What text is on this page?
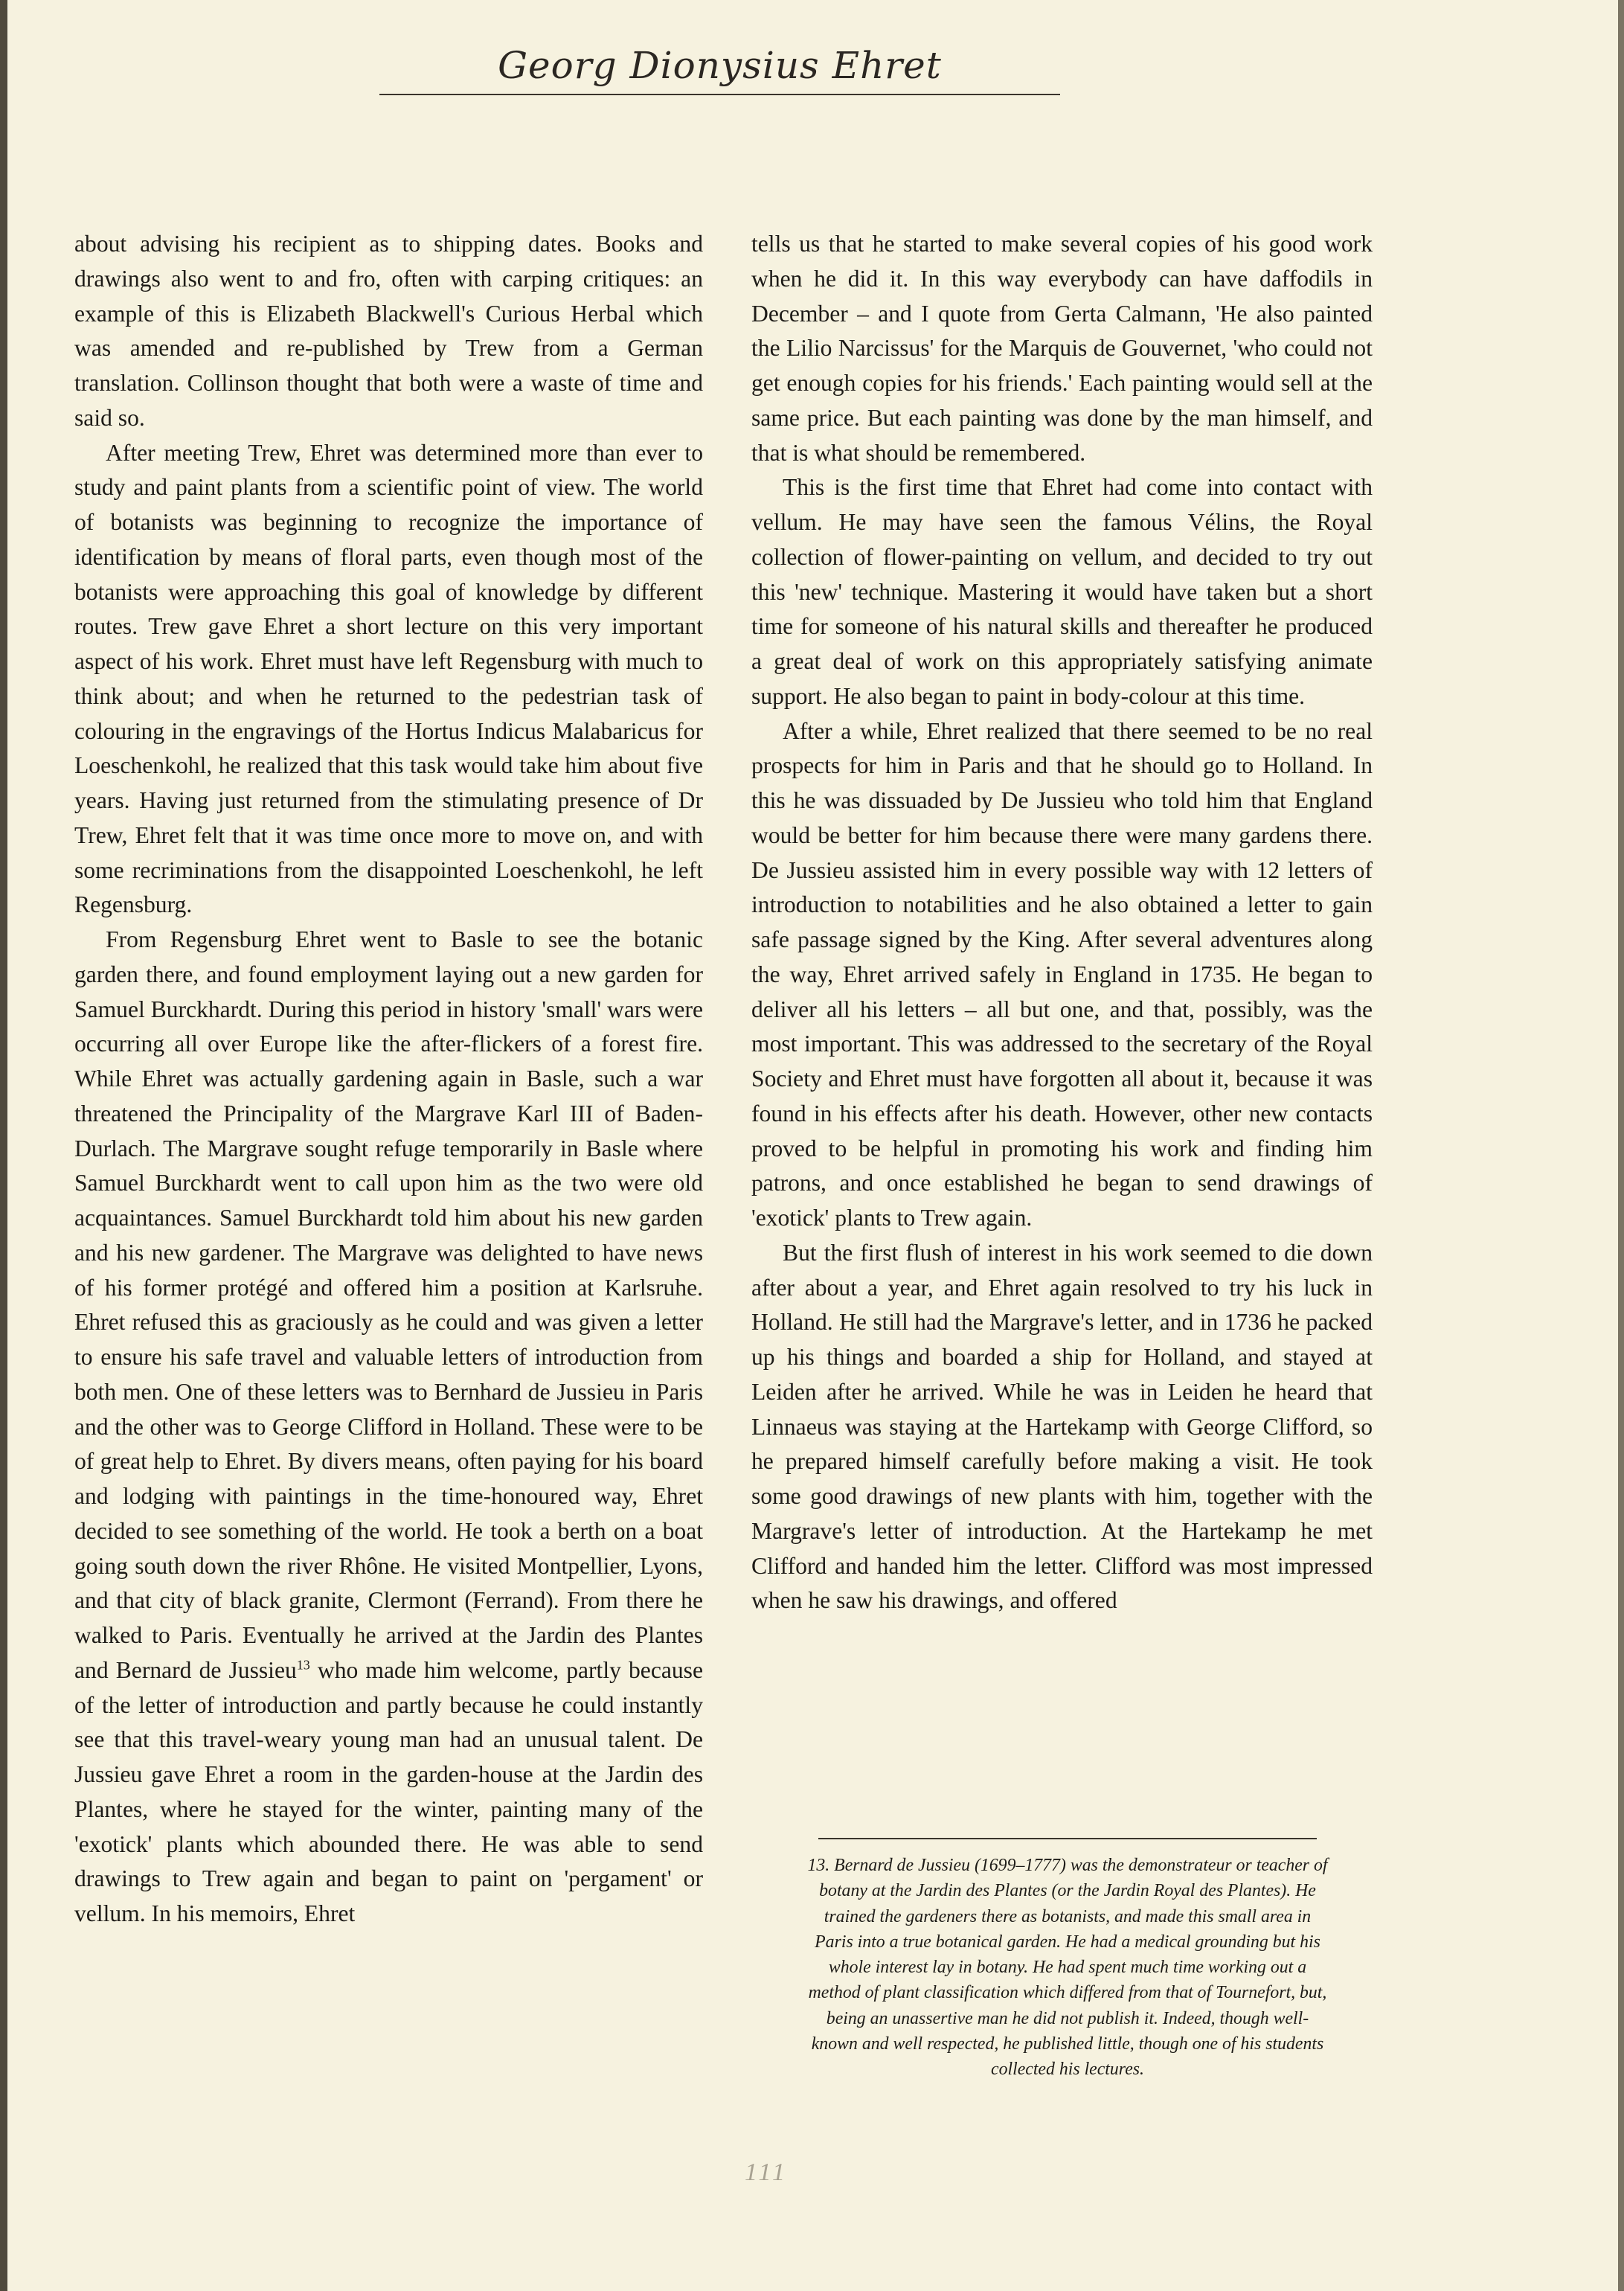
Georg Dionysius Ehret

about advising his recipient as to shipping dates. Books and drawings also went to and fro, often with carping critiques: an example of this is Elizabeth Blackwell's Curious Herbal which was amended and re-published by Trew from a German translation. Collinson thought that both were a waste of time and said so.

After meeting Trew, Ehret was determined more than ever to study and paint plants from a scientific point of view. The world of botanists was beginning to recognize the importance of identification by means of floral parts, even though most of the botanists were approaching this goal of knowledge by different routes. Trew gave Ehret a short lecture on this very important aspect of his work. Ehret must have left Regensburg with much to think about; and when he returned to the pedestrian task of colouring in the engravings of the Hortus Indicus Malabaricus for Loeschenkohl, he realized that this task would take him about five years. Having just returned from the stimulating presence of Dr Trew, Ehret felt that it was time once more to move on, and with some recriminations from the disappointed Loeschenkohl, he left Regensburg.

From Regensburg Ehret went to Basle to see the botanic garden there, and found employment laying out a new garden for Samuel Burckhardt. During this period in history 'small' wars were occurring all over Europe like the after-flickers of a forest fire. While Ehret was actually gardening again in Basle, such a war threatened the Principality of the Margrave Karl III of Baden-Durlach. The Margrave sought refuge temporarily in Basle where Samuel Burckhardt went to call upon him as the two were old acquaintances. Samuel Burckhardt told him about his new garden and his new gardener. The Margrave was delighted to have news of his former protégé and offered him a position at Karlsruhe. Ehret refused this as graciously as he could and was given a letter to ensure his safe travel and valuable letters of introduction from both men. One of these letters was to Bernhard de Jussieu in Paris and the other was to George Clifford in Holland. These were to be of great help to Ehret. By divers means, often paying for his board and lodging with paintings in the time-honoured way, Ehret decided to see something of the world. He took a berth on a boat going south down the river Rhône. He visited Montpellier, Lyons, and that city of black granite, Clermont (Ferrand). From there he walked to Paris. Eventually he arrived at the Jardin des Plantes and Bernard de Jussieu$^{13}$ who made him welcome, partly because of the letter of introduction and partly because he could instantly see that this travel-weary young man had an unusual talent. De Jussieu gave Ehret a room in the garden-house at the Jardin des Plantes, where he stayed for the winter, painting many of the 'exotick' plants which abounded there. He was able to send drawings to Trew again and began to paint on 'pergament' or vellum. In his memoirs, Ehret

tells us that he started to make several copies of his good work when he did it. In this way everybody can have daffodils in December – and I quote from Gerta Calmann, 'He also painted the Lilio Narcissus' for the Marquis de Gouvernet, 'who could not get enough copies for his friends.' Each painting would sell at the same price. But each painting was done by the man himself, and that is what should be remembered.

This is the first time that Ehret had come into contact with vellum. He may have seen the famous Vélins, the Royal collection of flower-painting on vellum, and decided to try out this 'new' technique. Mastering it would have taken but a short time for someone of his natural skills and thereafter he produced a great deal of work on this appropriately satisfying animate support. He also began to paint in body-colour at this time.

After a while, Ehret realized that there seemed to be no real prospects for him in Paris and that he should go to Holland. In this he was dissuaded by De Jussieu who told him that England would be better for him because there were many gardens there. De Jussieu assisted him in every possible way with 12 letters of introduction to notabilities and he also obtained a letter to gain safe passage signed by the King. After several adventures along the way, Ehret arrived safely in England in 1735. He began to deliver all his letters – all but one, and that, possibly, was the most important. This was addressed to the secretary of the Royal Society and Ehret must have forgotten all about it, because it was found in his effects after his death. However, other new contacts proved to be helpful in promoting his work and finding him patrons, and once established he began to send drawings of 'exotick' plants to Trew again.

But the first flush of interest in his work seemed to die down after about a year, and Ehret again resolved to try his luck in Holland. He still had the Margrave's letter, and in 1736 he packed up his things and boarded a ship for Holland, and stayed at Leiden after he arrived. While he was in Leiden he heard that Linnaeus was staying at the Hartekamp with George Clifford, so he prepared himself carefully before making a visit. He took some good drawings of new plants with him, together with the Margrave's letter of introduction. At the Hartekamp he met Clifford and handed him the letter. Clifford was most impressed when he saw his drawings, and offered

13. Bernard de Jussieu (1699–1777) was the demonstrateur or teacher of botany at the Jardin des Plantes (or the Jardin Royal des Plantes). He trained the gardeners there as botanists, and made this small area in Paris into a true botanical garden. He had a medical grounding but his whole interest lay in botany. He had spent much time working out a method of plant classification which differed from that of Tournefort, but, being an unassertive man he did not publish it. Indeed, though well-known and well respected, he published little, though one of his students collected his lectures.

111
